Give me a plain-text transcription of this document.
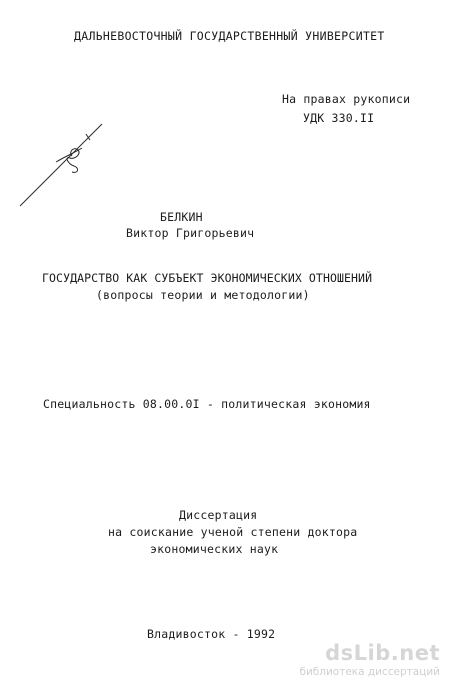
ДАЛЬНЕВОСТОЧНЫЙ ГОСУДАРСТВЕННЫЙ УНИВЕРСИТЕТ
На правах рукописи
УДК 330.II
БЕЛКИН
Виктор Григорьевич
ГОСУДАРСТВО КАК СУБЪЕКТ ЭКОНОМИЧЕСКИХ ОТНОШЕНИЙ
(вопросы теории и методологии)
Специальность 08.00.0I - политическая экономия
Диссертация
на соискание ученой степени доктора
экономических наук
Владивосток - 1992
dsLib.net
библиотека диссертаций
